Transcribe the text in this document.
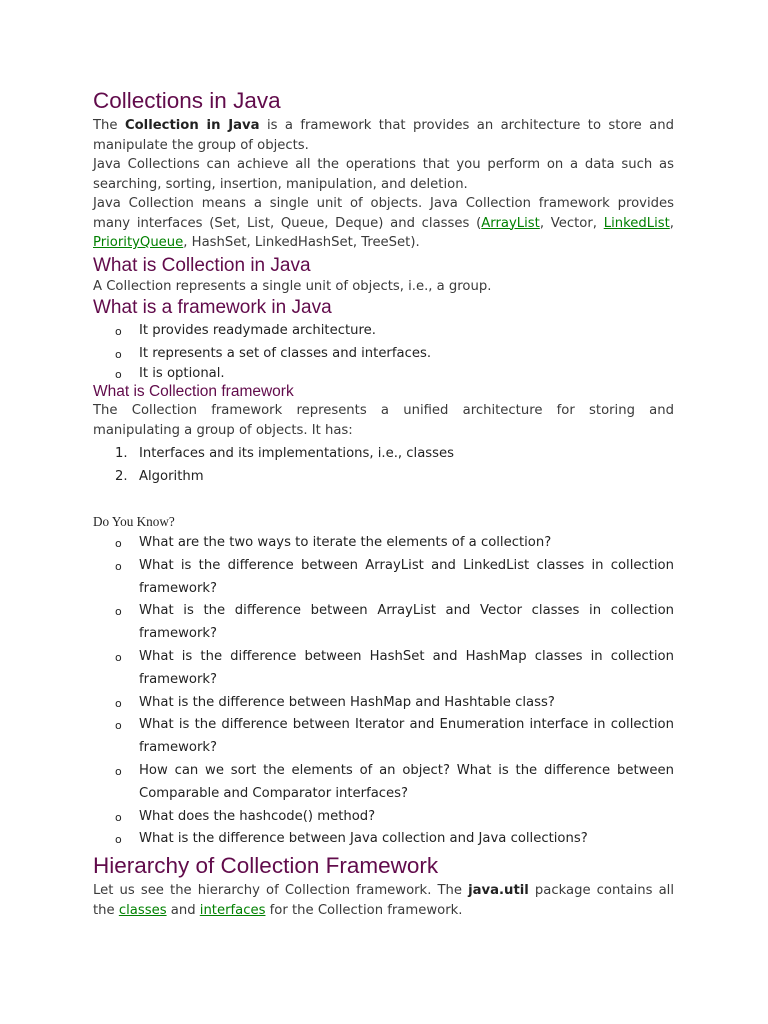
Collections in Java

The Collection in Java is a framework that provides an architecture to store and manipulate the group of objects.

Java Collections can achieve all the operations that you perform on a data such as searching, sorting, insertion, manipulation, and deletion.

Java Collection means a single unit of objects. Java Collection framework provides many interfaces (Set, List, Queue, Deque) and classes (ArrayList, Vector, LinkedList, PriorityQueue, HashSet, LinkedHashSet, TreeSet).

What is Collection in Java

A Collection represents a single unit of objects, i.e., a group.

What is a framework in Java
o It provides readymade architecture.
o It represents a set of classes and interfaces.
o It is optional.
What is Collection framework

The Collection framework represents a unified architecture for storing and manipulating a group of objects. It has:

1. Interfaces and its implementations, i.e., classes
2. Algorithm
Do You Know?
o What are the two ways to iterate the elements of a collection?
o What is the difference between ArrayList and LinkedList classes in collection framework?
o What is the difference between ArrayList and Vector classes in collection framework?
o What is the difference between HashSet and HashMap classes in collection framework?
o What is the difference between HashMap and Hashtable class?
o What is the difference between Iterator and Enumeration interface in collection framework?
o How can we sort the elements of an object? What is the difference between Comparable and Comparator interfaces?
o What does the hashcode() method?
o What is the difference between Java collection and Java collections?
Hierarchy of Collection Framework

Let us see the hierarchy of Collection framework. The java.util package contains all the classes and interfaces for the Collection framework.
